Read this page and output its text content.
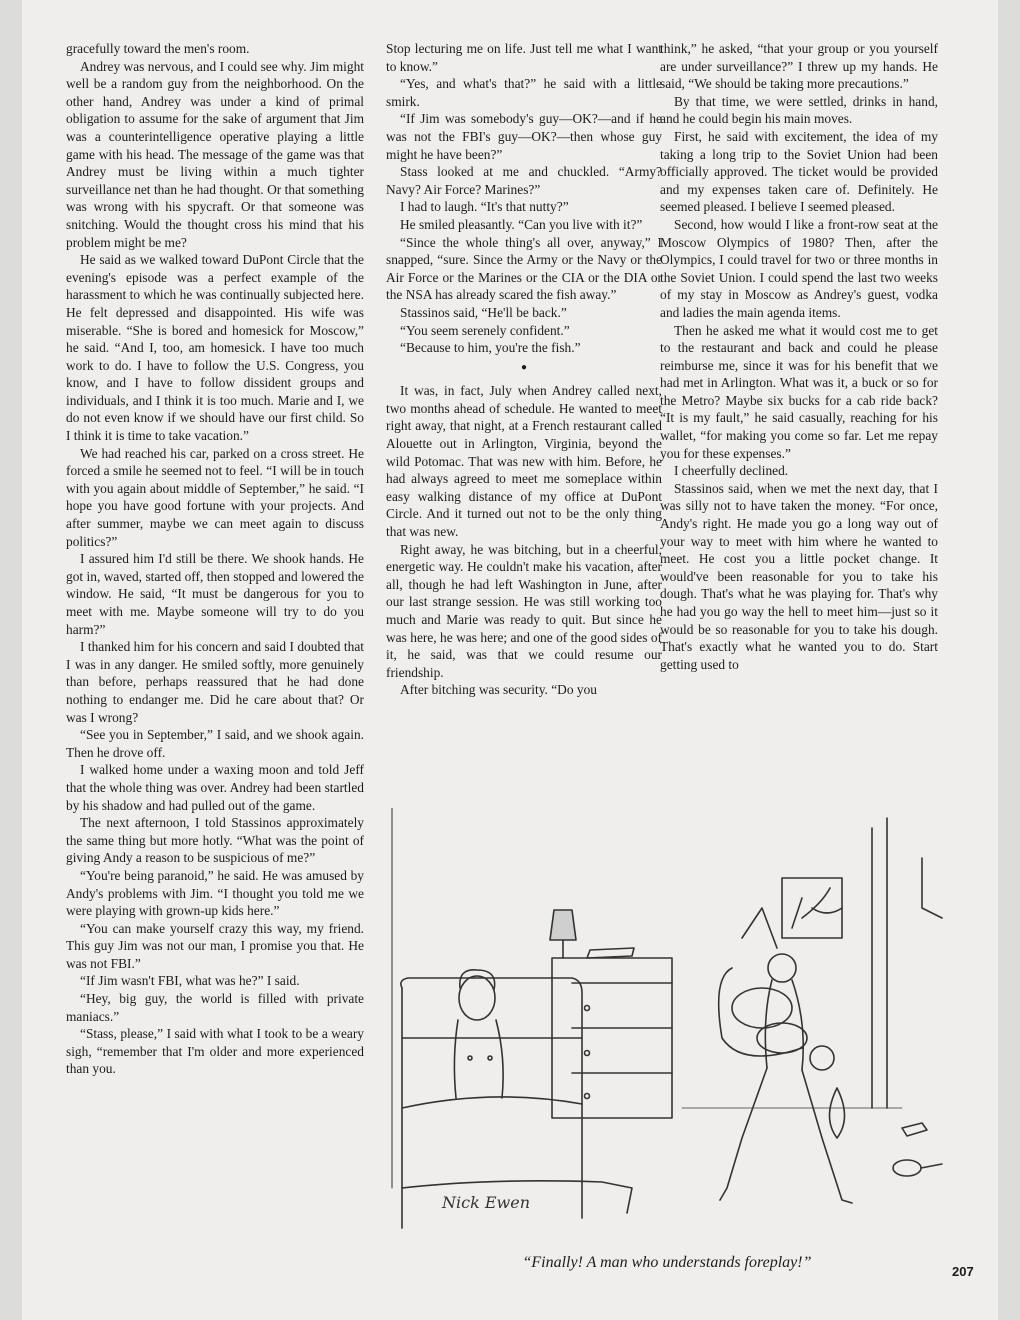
gracefully toward the men's room.

Andrey was nervous, and I could see why. Jim might well be a random guy from the neighborhood. On the other hand, Andrey was under a kind of primal obligation to assume for the sake of argument that Jim was a counterintelligence operative playing a little game with his head. The message of the game was that Andrey must be living within a much tighter surveillance net than he had thought. Or that something was wrong with his spycraft. Or that someone was snitching. Would the thought cross his mind that his problem might be me?

He said as we walked toward DuPont Circle that the evening's episode was a perfect example of the harassment to which he was continually subjected here. He felt depressed and disappointed. His wife was miserable. “She is bored and homesick for Moscow,” he said. “And I, too, am homesick. I have too much work to do. I have to follow the U.S. Congress, you know, and I have to follow dissident groups and individuals, and I think it is too much. Marie and I, we do not even know if we should have our first child. So I think it is time to take vacation.”

We had reached his car, parked on a cross street. He forced a smile he seemed not to feel. “I will be in touch with you again about middle of September,” he said. “I hope you have good fortune with your projects. And after summer, maybe we can meet again to discuss politics?”

I assured him I'd still be there. We shook hands. He got in, waved, started off, then stopped and lowered the window. He said, “It must be dangerous for you to meet with me. Maybe someone will try to do you harm?”

I thanked him for his concern and said I doubted that I was in any danger. He smiled softly, more genuinely than before, perhaps reassured that he had done nothing to endanger me. Did he care about that? Or was I wrong?

“See you in September,” I said, and we shook again. Then he drove off.

I walked home under a waxing moon and told Jeff that the whole thing was over. Andrey had been startled by his shadow and had pulled out of the game.

The next afternoon, I told Stassinos approximately the same thing but more hotly. “What was the point of giving Andy a reason to be suspicious of me?”

“You're being paranoid,” he said. He was amused by Andy's problems with Jim. “I thought you told me we were playing with grown-up kids here.”

“You can make yourself crazy this way, my friend. This guy Jim was not our man, I promise you that. He was not FBI.”

“If Jim wasn't FBI, what was he?” I said.

“Hey, big guy, the world is filled with private maniacs.”

“Stass, please,” I said with what I took to be a weary sigh, “remember that I'm older and more experienced than you.

Stop lecturing me on life. Just tell me what I want to know.”

“Yes, and what's that?” he said with a little smirk.

“If Jim was somebody's guy—OK?—and if he was not the FBI's guy—OK?—then whose guy might he have been?”

Stass looked at me and chuckled. “Army? Navy? Air Force? Marines?”

I had to laugh. “It's that nutty?”

He smiled pleasantly. “Can you live with it?”

“Since the whole thing's all over, anyway,” I snapped, “sure. Since the Army or the Navy or the Air Force or the Marines or the CIA or the DIA or the NSA has already scared the fish away.”

Stassinos said, “He'll be back.”

“You seem serenely confident.”

“Because to him, you're the fish.”

●

It was, in fact, July when Andrey called next, two months ahead of schedule. He wanted to meet right away, that night, at a French restaurant called Alouette out in Arlington, Virginia, beyond the wild Potomac. That was new with him. Before, he had always agreed to meet me someplace within easy walking distance of my office at DuPont Circle. And it turned out not to be the only thing that was new.

Right away, he was bitching, but in a cheerful, energetic way. He couldn't make his vacation, after all, though he had left Washington in June, after our last strange session. He was still working too much and Marie was ready to quit. But since he was here, he was here; and one of the good sides of it, he said, was that we could resume our friendship.

After bitching was security. “Do you

think,” he asked, “that your group or you yourself are under surveillance?” I threw up my hands. He said, “We should be taking more precautions.”

By that time, we were settled, drinks in hand, and he could begin his main moves.

First, he said with excitement, the idea of my taking a long trip to the Soviet Union had been officially approved. The ticket would be provided and my expenses taken care of. Definitely. He seemed pleased. I believe I seemed pleased.

Second, how would I like a front-row seat at the Moscow Olympics of 1980? Then, after the Olympics, I could travel for two or three months in the Soviet Union. I could spend the last two weeks of my stay in Moscow as Andrey's guest, vodka and ladies the main agenda items.

Then he asked me what it would cost me to get to the restaurant and back and could he please reimburse me, since it was for his benefit that we had met in Arlington. What was it, a buck or so for the Metro? Maybe six bucks for a cab ride back? “It is my fault,” he said casually, reaching for his wallet, “for making you come so far. Let me repay you for these expenses.”

I cheerfully declined.

Stassinos said, when we met the next day, that I was silly not to have taken the money. “For once, Andy's right. He made you go a long way out of your way to meet with him where he wanted to meet. He cost you a little pocket change. It would've been reasonable for you to take his dough. That's what he was playing for. That's why he had you go way the hell to meet him—just so it would be so reasonable for you to take his dough. That's exactly what he wanted you to do. Start getting used to

Nick Ewen
“Finally! A man who understands foreplay!”
207
